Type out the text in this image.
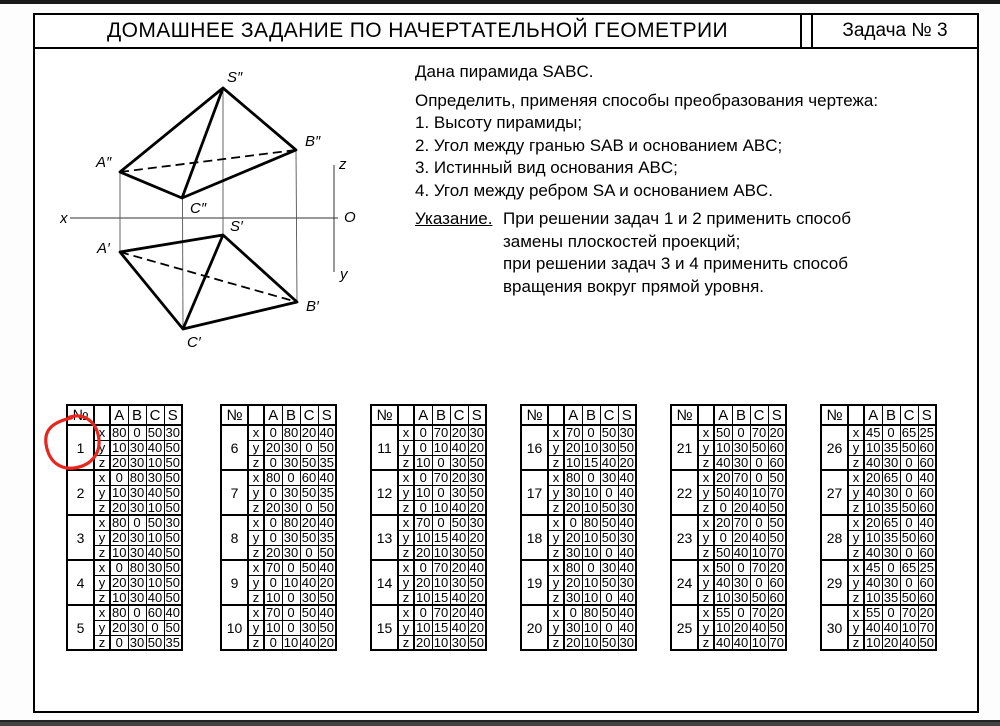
ДОМАШНЕЕ ЗАДАНИЕ ПО НАЧЕРТАТЕЛЬНОЙ ГЕОМЕТРИИ	Задача № 3
S″
A″
B″
C″
S′
A′
B′
C′
x	O
z
y
Дана пирамида SABC.
Определить, применяя способы преобразования чертежа:
1. Высоту пирамиды;
2. Угол между гранью SAB и основанием ABC;
3. Истинный вид основания ABC;
4. Угол между ребром SA и основанием ABC.
Указание. При решении задач 1 и 2 применить способ
замены плоскостей проекций;
при решении задач 3 и 4 применить способ
вращения вокруг прямой уровня.
№		A	B	C	S
1	x	80	0	50	30
	y	10	30	40	50
	z	20	30	10	50
2	x	0	80	30	50
	y	10	30	40	50
	z	20	30	10	50
3	x	80	0	50	30
	y	20	30	10	50
	z	10	30	40	50
4	x	0	80	30	50
	y	20	30	10	50
	z	10	30	40	50
5	x	80	0	60	40
	y	20	30	0	50
	z	0	30	50	35
№		A	B	C	S
6	x	0	80	20	40
	y	20	30	0	50
	z	0	30	50	35
7	x	80	0	60	40
	y	0	30	50	35
	z	20	30	0	50
8	x	0	80	20	40
	y	0	30	50	35
	z	20	30	0	50
9	x	70	0	50	40
	y	0	10	40	20
	z	10	0	30	50
10	x	70	0	50	40
	y	10	0	30	50
	z	0	10	40	20
№		A	B	C	S
11	x	0	70	20	30
	y	0	10	40	20
	z	10	0	30	50
12	x	0	70	20	30
	y	10	0	30	50
	z	0	10	40	20
13	x	70	0	50	30
	y	10	15	40	20
	z	20	10	30	50
14	x	0	70	20	40
	y	20	10	30	50
	z	10	15	40	20
15	x	0	70	20	40
	y	10	15	40	20
	z	20	10	30	50
№		A	B	C	S
16	x	70	0	50	30
	y	20	10	30	50
	z	10	15	40	20
17	x	80	0	30	40
	y	30	10	0	40
	z	20	10	50	30
18	x	0	80	50	40
	y	20	10	50	30
	z	30	10	0	40
19	x	80	0	30	40
	y	20	10	50	30
	z	30	10	0	40
20	x	0	80	50	40
	y	30	10	0	40
	z	20	10	50	30
№		A	B	C	S
21	x	50	0	70	20
	y	10	30	50	60
	z	40	30	0	60
22	x	20	70	0	50
	y	50	40	10	70
	z	0	20	40	50
23	x	20	70	0	50
	y	0	20	40	50
	z	50	40	10	70
24	x	50	0	70	20
	y	40	30	0	60
	z	10	30	50	60
25	x	55	0	70	20
	y	10	20	40	50
	z	40	40	10	70
№		A	B	C	S
26	x	45	0	65	25
	y	10	35	50	60
	z	40	30	0	60
27	x	20	65	0	40
	y	40	30	0	60
	z	10	35	50	60
28	x	20	65	0	40
	y	10	35	50	60
	z	40	30	0	60
29	x	45	0	65	25
	y	40	30	0	60
	z	10	35	50	60
30	x	55	0	70	20
	y	40	40	10	70
	z	10	20	40	50
